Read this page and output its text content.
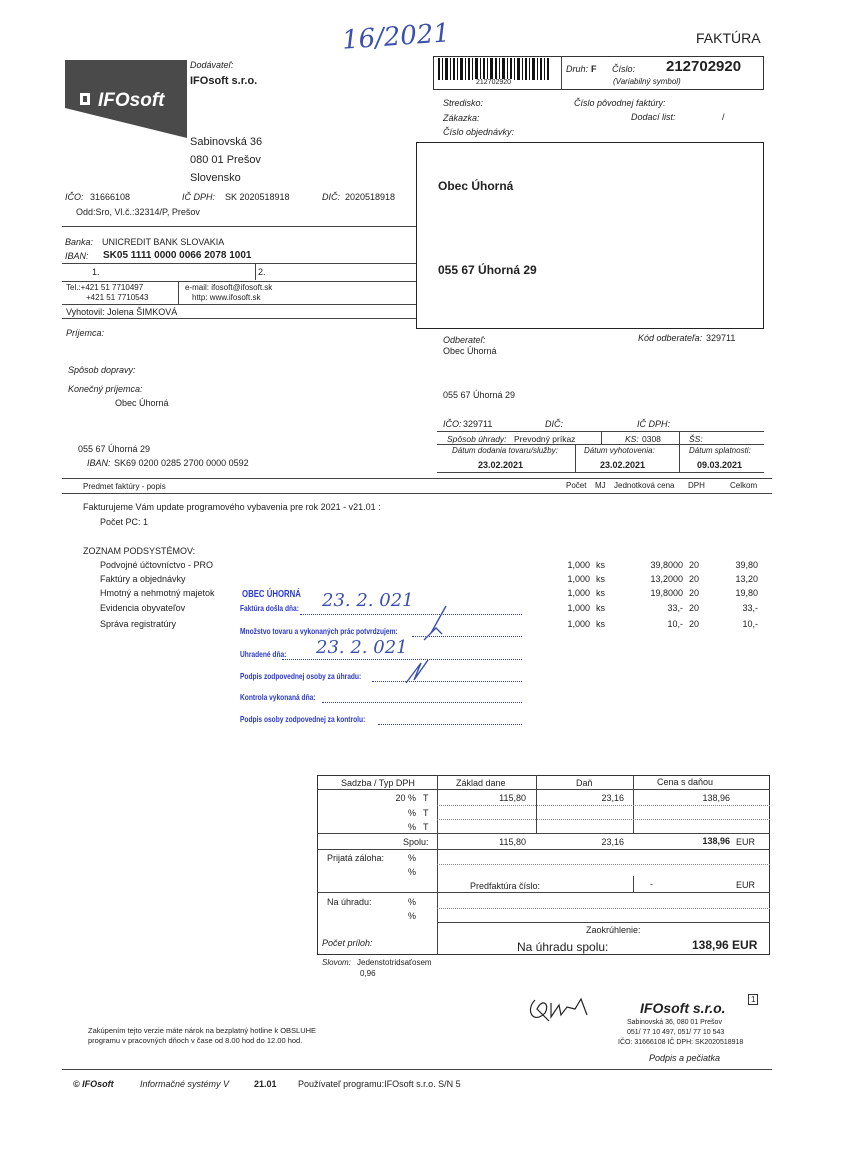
16/2021	FAKTÚRA
IFOsoft
Dodávateľ:
IFOsoft s.r.o.
Sabinovská 36
080 01 Prešov
Slovensko
IČO: 31666108	IČ DPH: SK 2020518918	DIČ: 2020518918
Odd:Sro, Vl.č.:32314/P, Prešov
Banka: UNICREDIT BANK SLOVAKIA
IBAN: SK05 1111 0000 0066 2078 1001
1.	2.
Tel.:+421 51 7710497
+421 51 7710543
e-mail: ifosoft@ifosoft.sk
http: www.ifosoft.sk
Vyhotovil: Jolena ŠIMKOVÁ
212702920
Druh: F Číslo: 212702920
(Variabilný symbol)
Stredisko:	Číslo pôvodnej faktúry:
Zákazka:	Dodací list:	/
Číslo objednávky:
Obec Úhorná
055 67 Úhorná 29
Príjemca:
Spôsob dopravy:
Konečný príjemca:
Obec Úhorná
055 67 Úhorná 29
IBAN: SK69 0200 0285 2700 0000 0592
Odberateľ:
Obec Úhorná
Kód odberateľa: 329711
055 67 Úhorná 29
IČO: 329711	DIČ:	IČ DPH:
Spôsob úhrady: Prevodný príkaz	KS: 0308	ŠS:
Dátum dodania tovaru/služby:	Dátum vyhotovenia:	Dátum splatnosti:
23.02.2021	23.02.2021	09.03.2021
Predmet faktúry - popis	Počet MJ Jednotková cena DPH	Celkom
Fakturujeme Vám update programového vybavenia pre rok 2021 - v21.01 :
Počet PC: 1
ZOZNAM PODSYSTÉMOV:
Podvojné účtovníctvo - PRO	1,000 ks	39,8000 20	39,80
Faktúry a objednávky	1,000 ks	13,2000 20	13,20
Hmotný a nehmotný majetok	1,000 ks	19,8000 20	19,80
Evidencia obyvateľov	1,000 ks	33,- 20	33,-
Správa registratúry	1,000 ks	10,- 20	10,-
OBEC ÚHORNÁ
Faktúra došla dňa:
Množstvo tovaru a vykonaných prác potvrdzujem:
Uhradené dňa:
Podpis zodpovednej osoby za úhradu:
Kontrola vykonaná dňa:
Podpis osoby zodpovednej za kontrolu:
23. 2. 021
23. 2. 021
Sadzba / Typ DPH	Základ dane	Daň	Cena s daňou
20 % T	115,80	23,16	138,96
% T
% T
Spolu:	115,80	23,16	138,96 EUR
Prijatá záloha:	%
%
Predfaktúra číslo:	-	EUR
Na úhradu:	%
%
Zaokrúhlenie:
Počet príloh:	Na úhradu spolu:	138,96 EUR
Slovom: Jedenstotridsaťosem
0,96
Zakúpením tejto verzie máte nárok na bezplatný hotline k OBSLUHE
programu v pracovných dňoch v čase od 8.00 hod do 12.00 hod.
IFOsoft s.r.o.
1
Sabinovská 36, 080 01 Prešov
051/ 77 10 497, 051/ 77 10 543
IČO: 31666108 IČ DPH: SK2020518918
Podpis a pečiatka
© IFOsoft	Informačné systémy V	21.01 Používateľ programu:IFOsoft s.r.o. S/N 5
